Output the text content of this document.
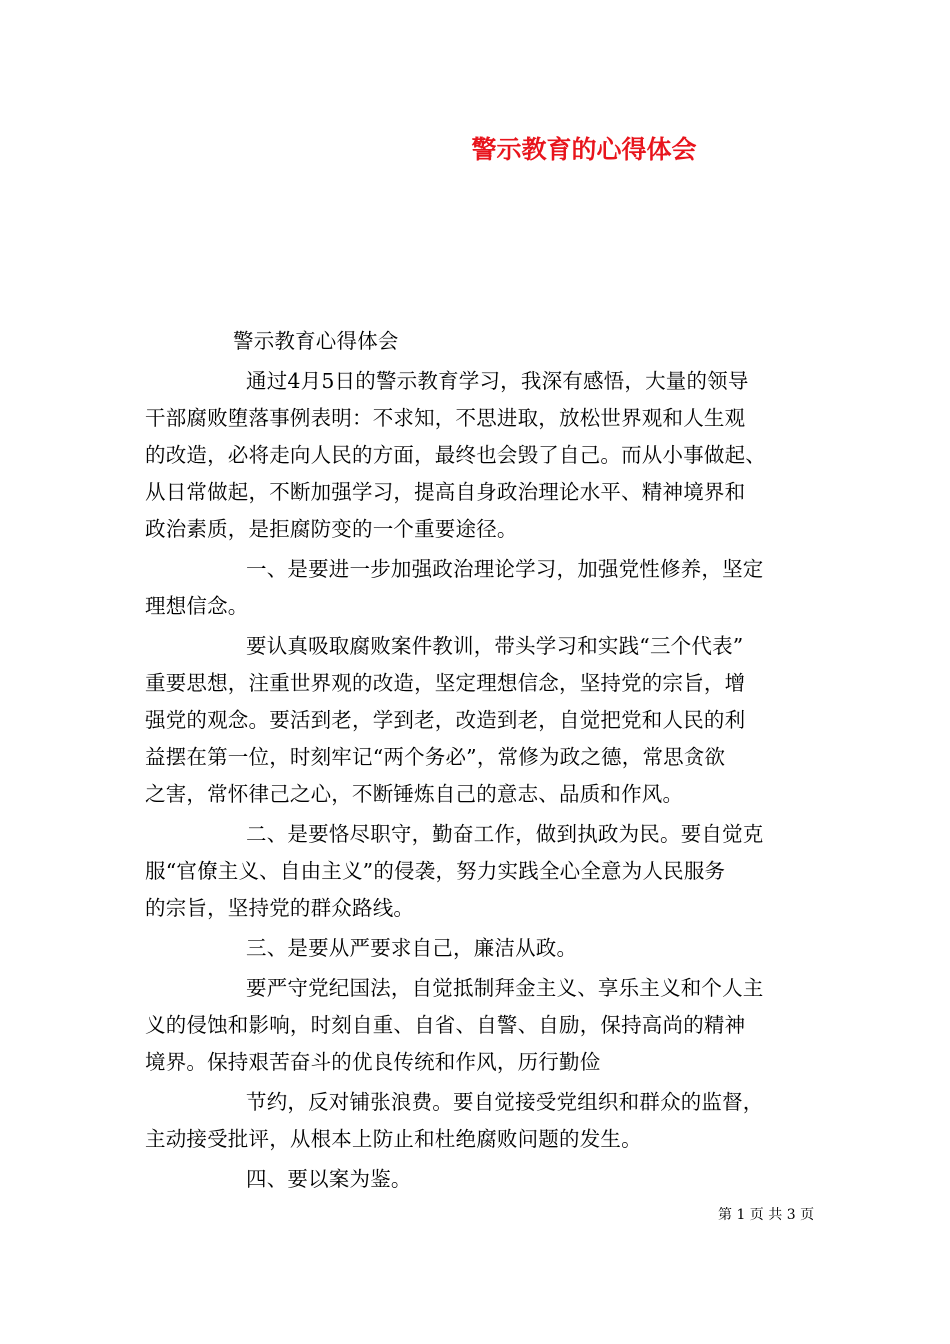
警示教育的心得体会
警示教育心得体会
通过4月5日的警示教育学习，我深有感悟，大量的领导
干部腐败堕落事例表明：不求知，不思进取，放松世界观和人生观
的改造，必将走向人民的方面，最终也会毁了自己。而从小事做起、
从日常做起，不断加强学习，提高自身政治理论水平、精神境界和
政治素质，是拒腐防变的一个重要途径。
一、是要进一步加强政治理论学习，加强党性修养，坚定
理想信念。
要认真吸取腐败案件教训，带头学习和实践“三个代表”
重要思想，注重世界观的改造，坚定理想信念，坚持党的宗旨，增
强党的观念。要活到老，学到老，改造到老，自觉把党和人民的利
益摆在第一位，时刻牢记“两个务必”，常修为政之德，常思贪欲
之害，常怀律己之心，不断锤炼自己的意志、品质和作风。
二、是要恪尽职守，勤奋工作，做到执政为民。要自觉克
服“官僚主义、自由主义”的侵袭，努力实践全心全意为人民服务
的宗旨，坚持党的群众路线。
三、是要从严要求自己，廉洁从政。
要严守党纪国法，自觉抵制拜金主义、享乐主义和个人主
义的侵蚀和影响，时刻自重、自省、自警、自励，保持高尚的精神
境界。保持艰苦奋斗的优良传统和作风，历行勤俭
节约，反对铺张浪费。要自觉接受党组织和群众的监督，
主动接受批评，从根本上防止和杜绝腐败问题的发生。
四、要以案为鉴。
第 1 页 共 3 页
